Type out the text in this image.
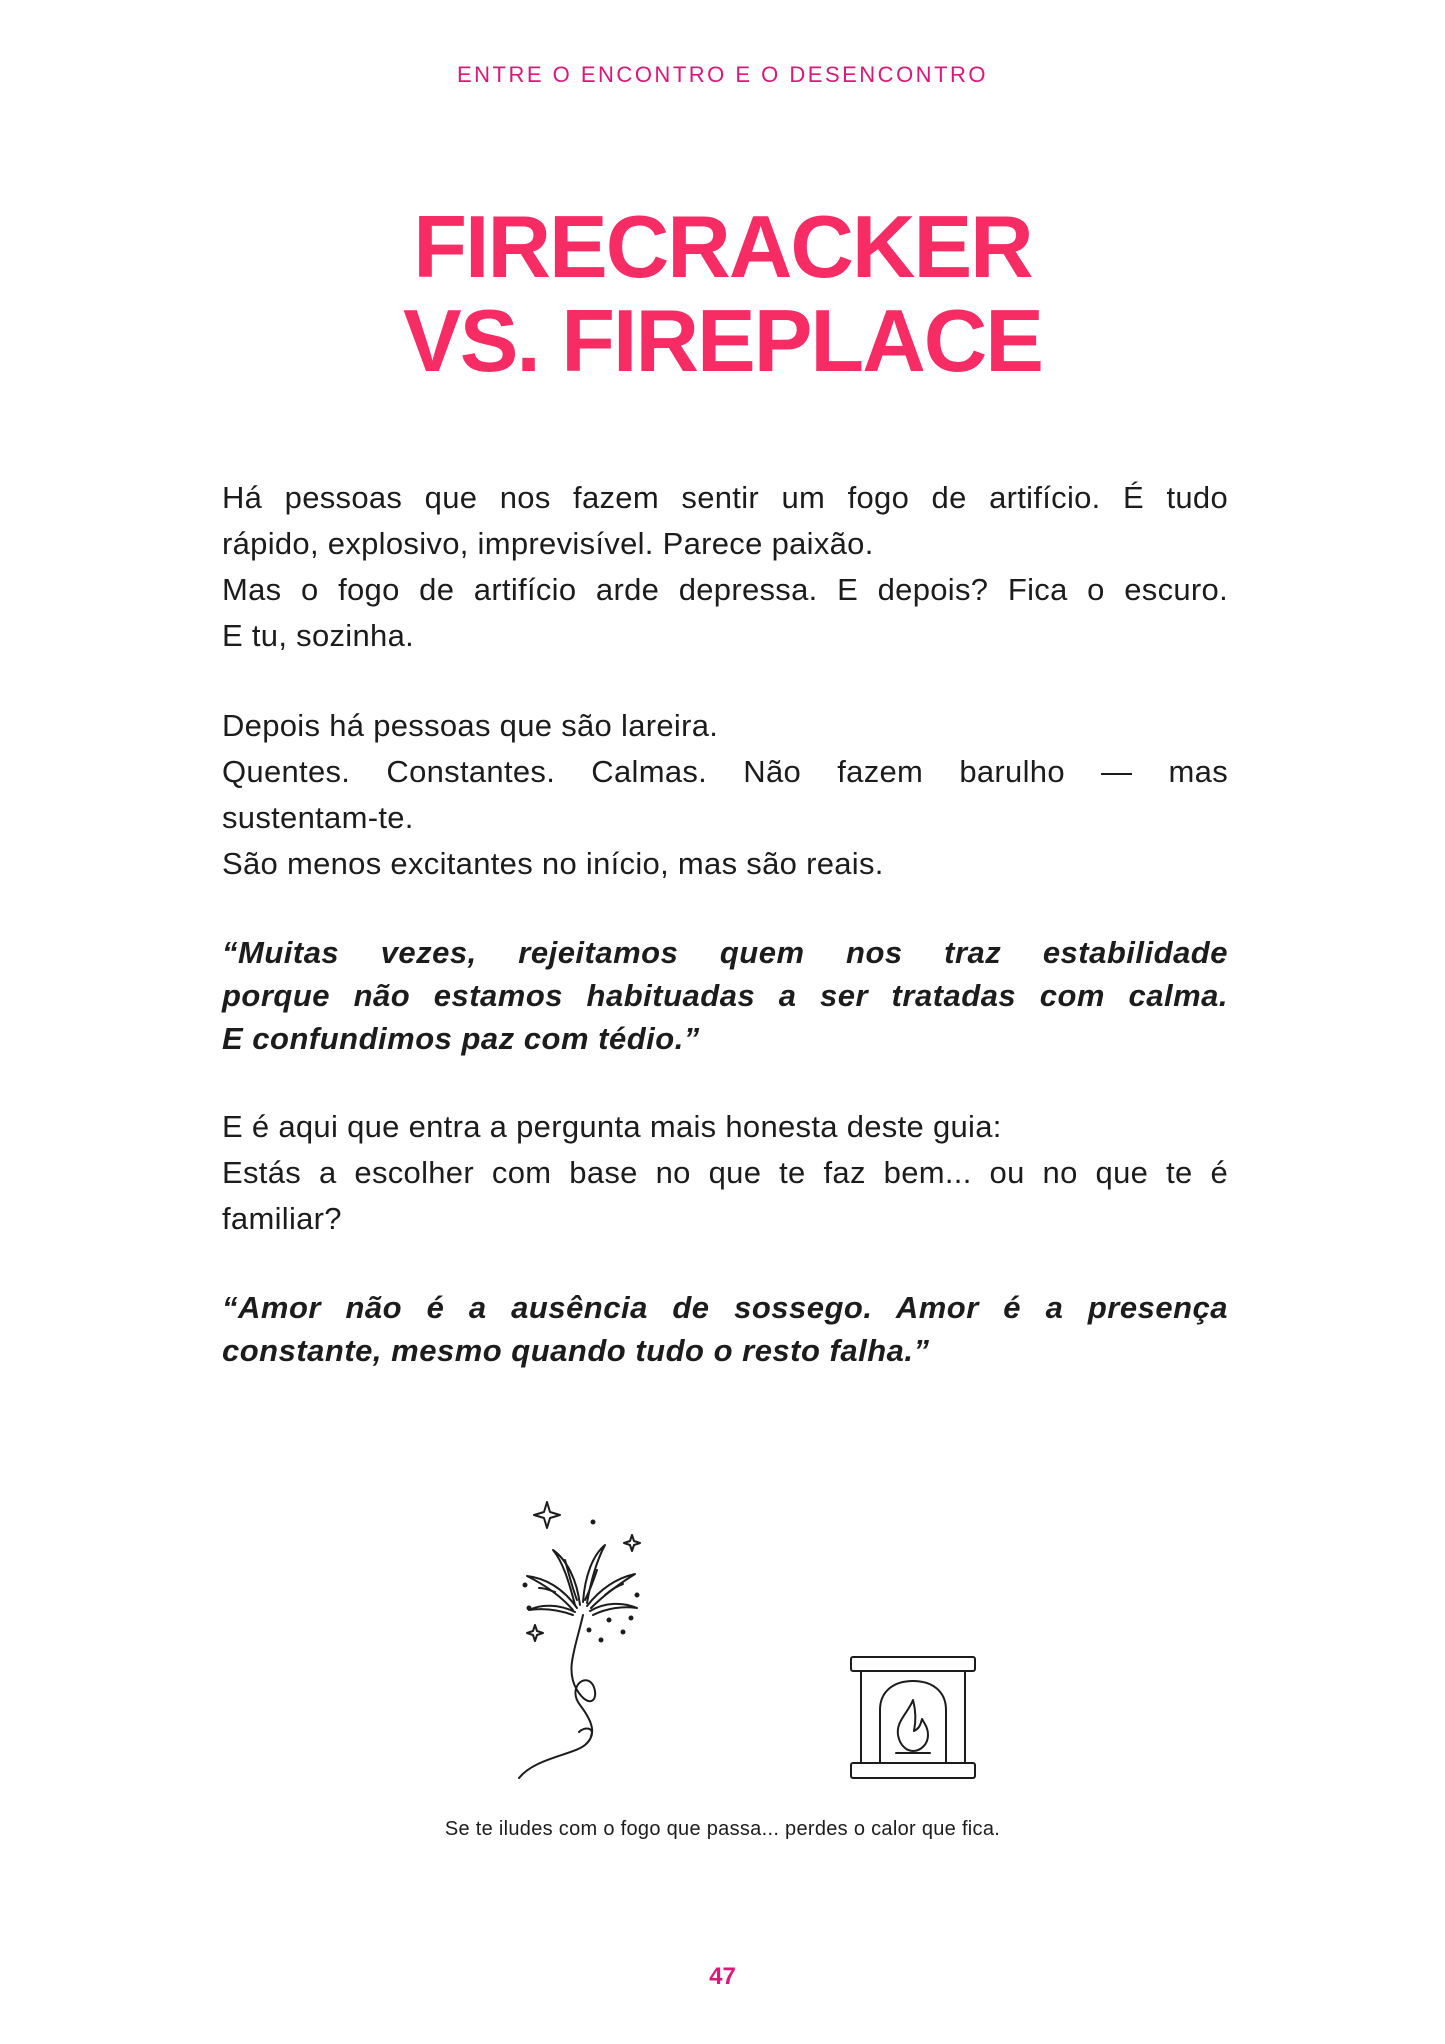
ENTRE O ENCONTRO E O DESENCONTRO
FIRECRACKER
VS. FIREPLACE
Há pessoas que nos fazem sentir um fogo de artifício. É tudo
rápido, explosivo, imprevisível. Parece paixão.
Mas o fogo de artifício arde depressa. E depois? Fica o escuro.
E tu, sozinha.
Depois há pessoas que são lareira.
Quentes. Constantes. Calmas. Não fazem barulho — mas
sustentam-te.
São menos excitantes no início, mas são reais.
“Muitas vezes, rejeitamos quem nos traz estabilidade
porque não estamos habituadas a ser tratadas com calma.
E confundimos paz com tédio.”
E é aqui que entra a pergunta mais honesta deste guia:
Estás a escolher com base no que te faz bem... ou no que te é
familiar?
“Amor não é a ausência de sossego. Amor é a presença
constante, mesmo quando tudo o resto falha.”
Se te iludes com o fogo que passa... perdes o calor que fica.
47
